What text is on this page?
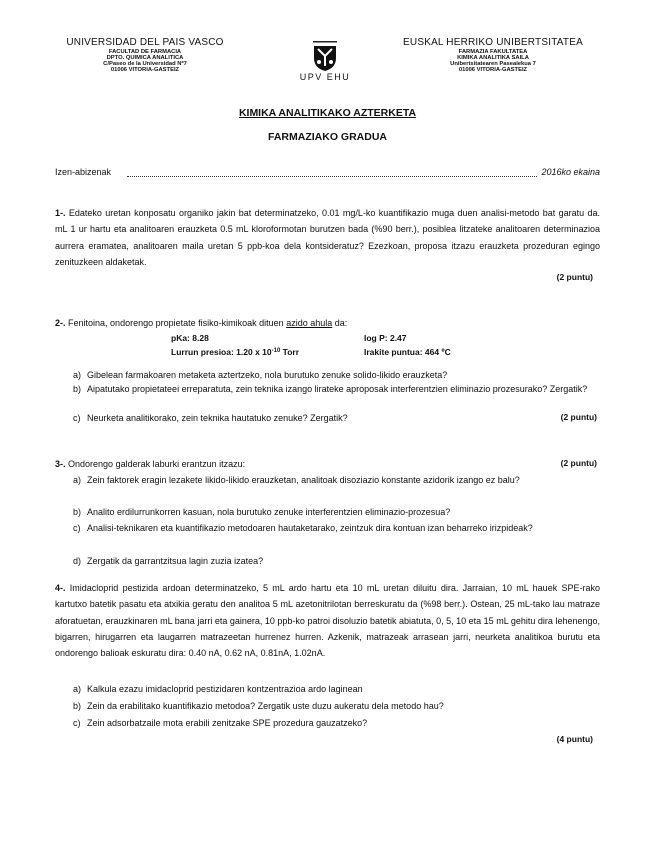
UNIVERSIDAD DEL PAIS VASCO
FACULTAD DE FARMACIA
DPTO. QUIMICA ANALITICA
C/Paseo de la Universidad Nº7
01006 VITORIA-GASTEIZ
UPV EHU
EUSKAL HERRIKO UNIBERTSITATEA
FARMAZIA FAKULTATEA
KIMIKA ANALITIKA SAILA
Unibertsitatearen Pasealekua 7
01006 VITORIA-GASTEIZ
KIMIKA ANALITIKAKO AZTERKETA
FARMAZIAKO GRADUA
Izen-abizenak	2016ko ekaina
1-. Edateko uretan konposatu organiko jakin bat determinatzeko, 0.01 mg/L-ko kuantifikazio muga duen analisi-metodo bat garatu da. mL 1 ur hartu eta analitoaren erauzketa 0.5 mL kloroformotan burutzen bada (%90 berr.), posiblea litzateke analitoaren determinazioa aurrera eramatea, analitoaren maila uretan 5 ppb-koa dela kontsideratuz? Ezezkoan, proposa itzazu erauzketa prozeduran egingo zenituzkeen aldaketak.
(2 puntu)
2-. Fenitoina, ondorengo propietate fisiko-kimikoak dituen azido ahula da:
pKa: 8.28	log P: 2.47
Lurrun presioa: 1.20 x $10^{-10}$ Torr	Irakite puntua: 464 ºC
a) Gibelean farmakoaren metaketa aztertzeko, nola burutuko zenuke solido-likido erauzketa?
b) Aipatutako propietateei erreparatuta, zein teknika izango lirateke aproposak interferentzien eliminazio prozesurako? Zergatik?
c) Neurketa analitikorako, zein teknika hautatuko zenuke? Zergatik?	(2 puntu)
3-. Ondorengo galderak laburki erantzun itzazu:	(2 puntu)
a) Zein faktorek eragin lezakete likido-likido erauzketan, analitoak disoziazio konstante azidorik izango ez balu?
b) Analito erdilurrunkorren kasuan, nola burutuko zenuke interferentzien eliminazio-prozesua?
c) Analisi-teknikaren eta kuantifikazio metodoaren hautaketarako, zeintzuk dira kontuan izan beharreko irizpideak?
d) Zergatik da garrantzitsua lagin zuzia izatea?
4-. Imidacloprid pestizida ardoan determinatzeko, 5 mL ardo hartu eta 10 mL uretan diluitu dira. Jarraian, 10 mL hauek SPE-rako kartutxo batetik pasatu eta atxikia geratu den analitoa 5 mL azetonitrilotan berreskuratu da (%98 berr.). Ostean, 25 mL-tako lau matraze aforatuetan, erauzkinaren mL bana jarri eta gainera, 10 ppb-ko patroi disoluzio batetik abiatuta, 0, 5, 10 eta 15 mL gehitu dira lehenengo, bigarren, hirugarren eta laugarren matrazeetan hurrenez hurren. Azkenik, matrazeak arrasean jarri, neurketa analitikoa burutu eta ondorengo balioak eskuratu dira: 0.40 nA, 0.62 nA, 0.81nA, 1.02nA.
a) Kalkula ezazu imidacloprid pestizidaren kontzentrazioa ardo laginean
b) Zein da erabilitako kuantifikazio metodoa? Zergatik uste duzu aukeratu dela metodo hau?
c) Zein adsorbatzaile mota erabili zenitzake SPE prozedura gauzatzeko?
(4 puntu)
